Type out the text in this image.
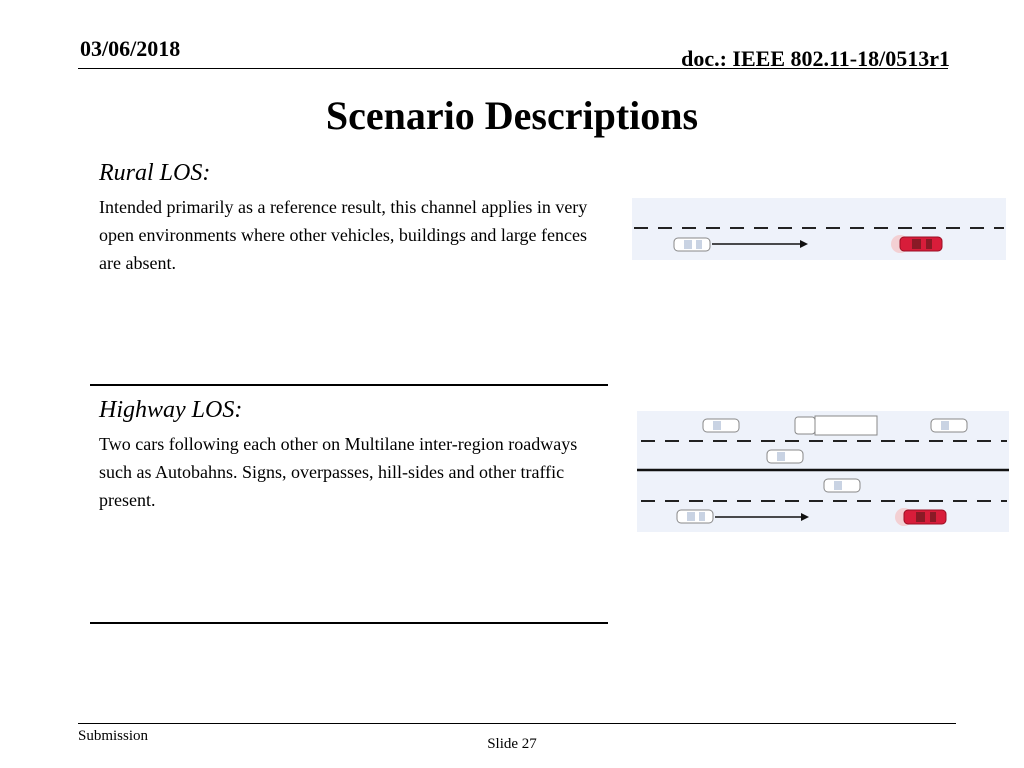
03/06/2018	doc.: IEEE 802.11-18/0513r1
Scenario Descriptions
Rural LOS:
Intended primarily as a reference result, this channel applies in very open environments where other vehicles, buildings and large fences are absent.
Highway LOS:
Two cars following each other on Multilane inter-region roadways such as Autobahns. Signs, overpasses, hill-sides and other traffic present.
Submission	Slide 27
